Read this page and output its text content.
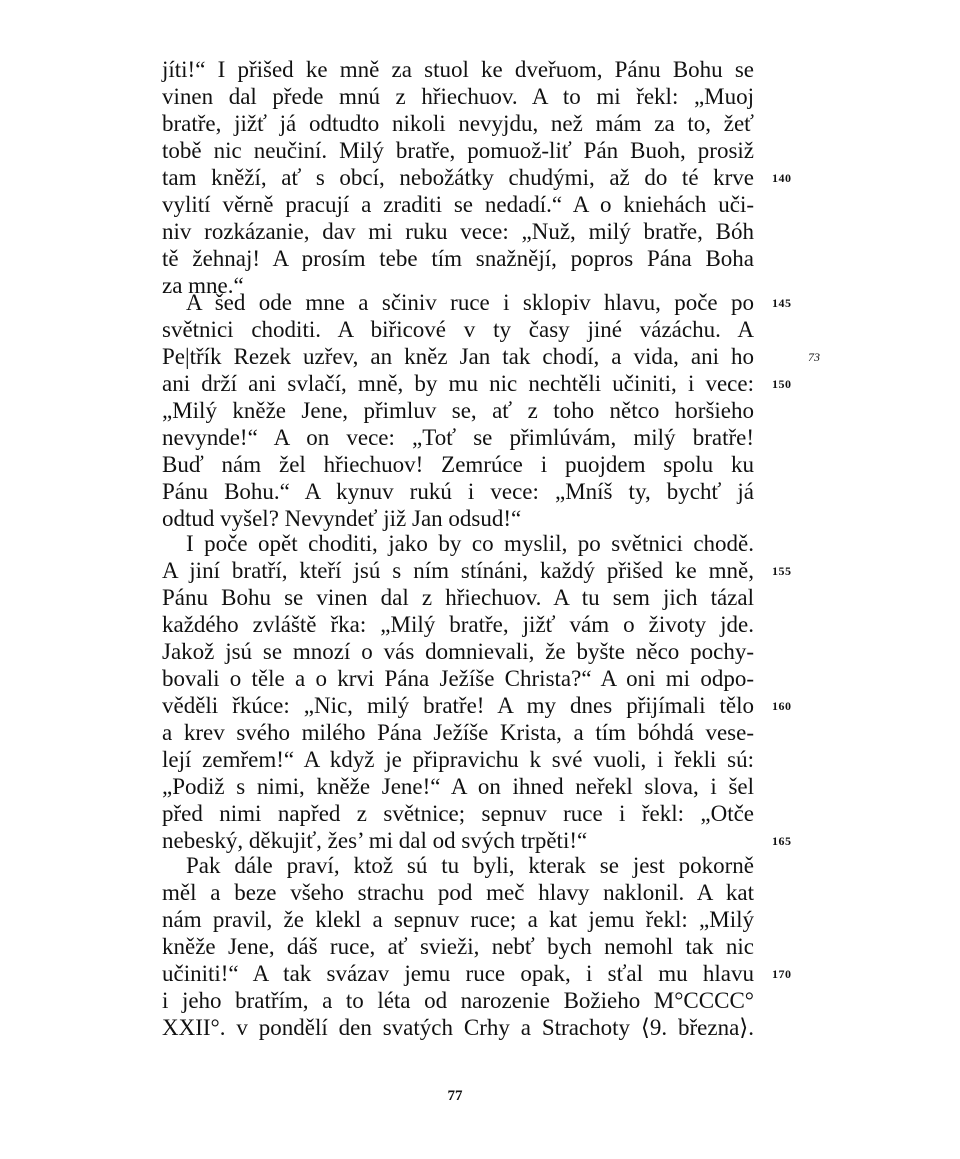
jíti!“ I přišed ke mně za stuol ke dveřuom, Pánu Bohu se
vinen dal přede mnú z hřiechuov. A to mi řekl: „Muoj
bratře, jižť já odtudto nikoli nevyjdu, než mám za to, žeť
tobě nic neučiní. Milý bratře, pomuož-liť Pán Buoh, prosiž
tam kněží, ať s obcí, nebožátky chudými, až do té krve
vylití věrně pracují a zraditi se nedadí.“ A o kniehách uči-
niv rozkázanie, dav mi ruku vece: „Nuž, milý bratře, Bóh
tě žehnaj! A prosím tebe tím snažnějí, popros Pána Boha
za mne.“
A šed ode mne a sčiniv ruce i sklopiv hlavu, poče po
světnici choditi. A biřicové v ty časy jiné vázáchu. A
Pe|třík Rezek uzřev, an kněz Jan tak chodí, a vida, ani ho
ani drží ani svlačí, mně, by mu nic nechtěli učiniti, i vece:
„Milý kněže Jene, přimluv se, ať z toho nětco horšieho
nevynde!“ A on vece: „Toť se přimlúvám, milý bratře!
Buď nám žel hřiechuov! Zemrúce i puojdem spolu ku
Pánu Bohu.“ A kynuv rukú i vece: „Mníš ty, bychť já
odtud vyšel? Nevyndeť již Jan odsud!“
I poče opět choditi, jako by co myslil, po světnici chodě.
A jiní bratří, kteří jsú s ním stínáni, každý přišed ke mně,
Pánu Bohu se vinen dal z hřiechuov. A tu sem jich tázal
každého zvláště řka: „Milý bratře, jižť vám o životy jde.
Jakož jsú se mnozí o vás domnievali, že byšte něco pochy-
bovali o těle a o krvi Pána Ježíše Christa?“ A oni mi odpo-
věděli řkúce: „Nic, milý bratře! A my dnes přijímali tělo
a krev svého milého Pána Ježíše Krista, a tím bóhdá vese-
lejí zemřem!“ A když je připravichu k své vuoli, i řekli sú:
„Podiž s nimi, kněže Jene!“ A on ihned neřekl slova, i šel
před nimi napřed z světnice; sepnuv ruce i řekl: „Otče
nebeský, děkujiť, žes’ mi dal od svých trpěti!“
Pak dále praví, ktož sú tu byli, kterak se jest pokorně
měl a beze všeho strachu pod meč hlavy naklonil. A kat
nám pravil, že klekl a sepnuv ruce; a kat jemu řekl: „Milý
kněže Jene, dáš ruce, ať svieži, nebť bych nemohl tak nic
učiniti!“ A tak svázav jemu ruce opak, i sťal mu hlavu
i jeho bratřím, a to léta od narozenie Božieho M°CCCC°
XXII°. v pondělí den svatých Crhy a Strachoty ⟨9. března⟩.
140
145
150
155
160
165
170
73
77
